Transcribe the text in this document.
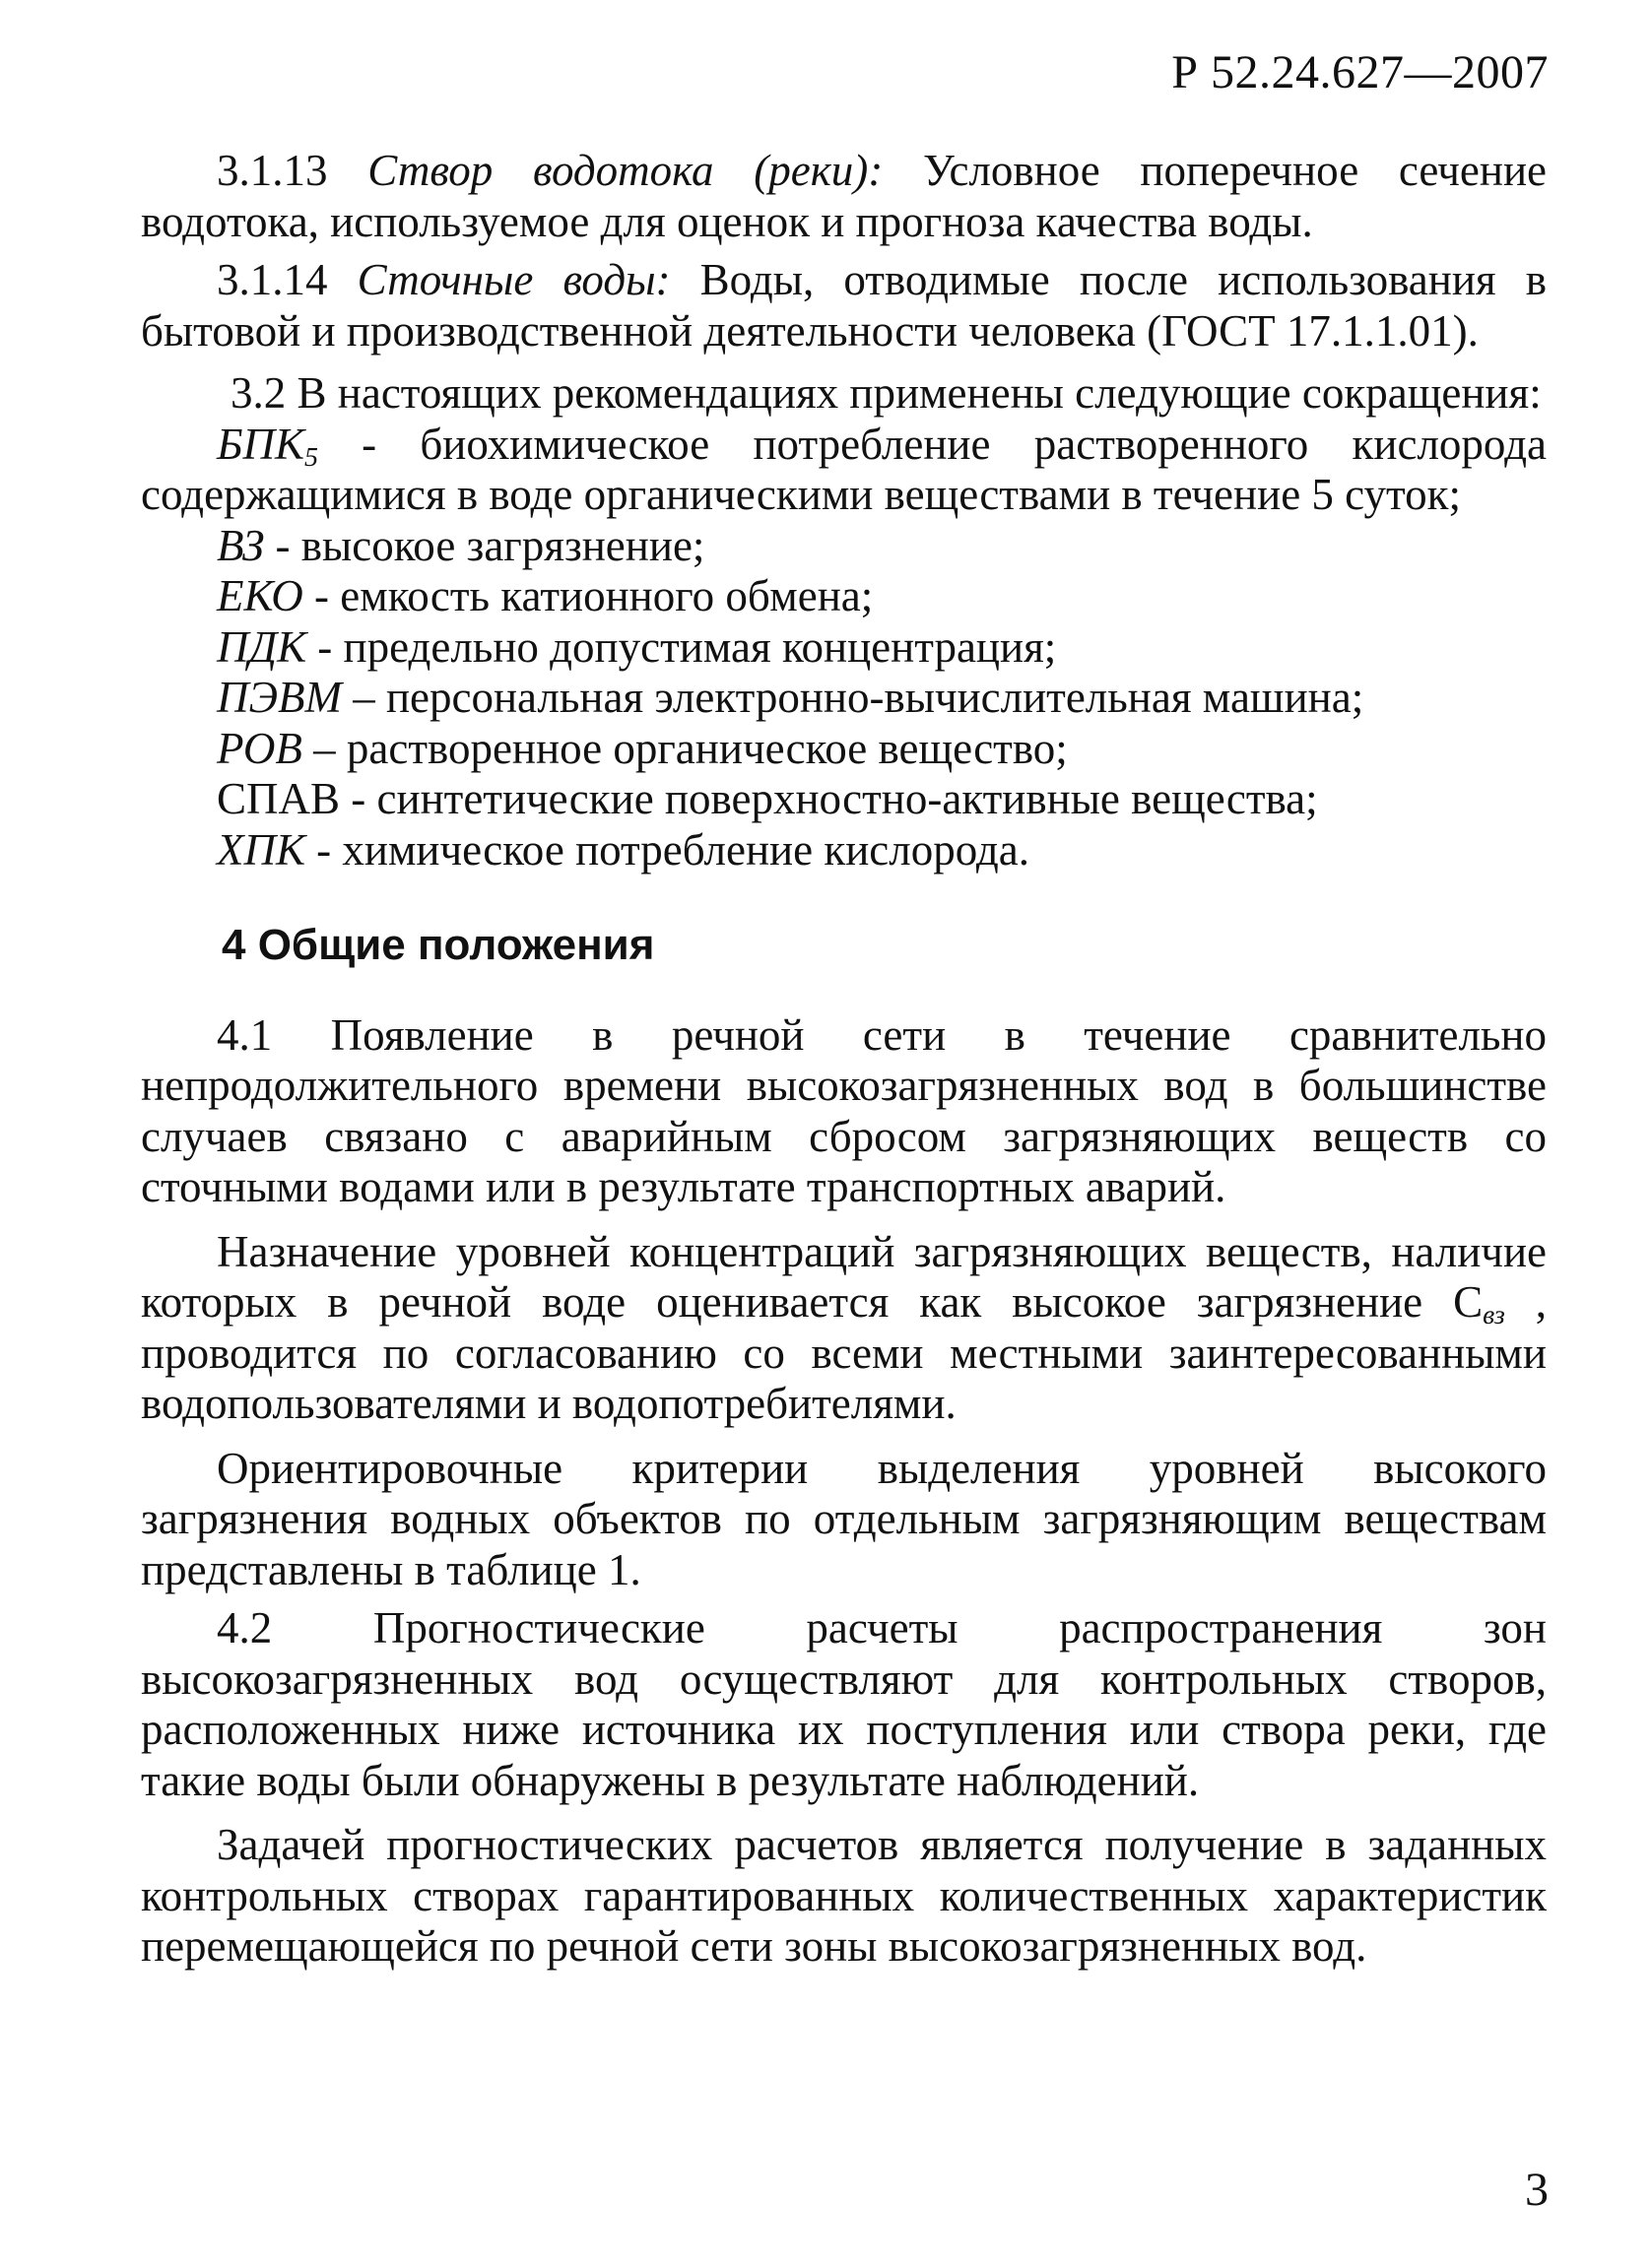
Р 52.24.627—2007

3.1.13 Створ водотока (реки): Условное поперечное сечение водотока, используемое для оценок и прогноза качества воды.

3.1.14 Сточные воды: Воды, отводимые после использования в бытовой и производственной деятельности человека (ГОСТ 17.1.1.01).

3.2 В настоящих рекомендациях применены следующие сокращения:

$БПК_5$ - биохимическое потребление растворенного кислорода содержащимися в воде органическими веществами в течение 5 суток;

ВЗ - высокое загрязнение;

ЕКО - емкость катионного обмена;

ПДК - предельно допустимая концентрация;

ПЭВМ – персональная электронно-вычислительная машина;

РОВ – растворенное органическое вещество;

СПАВ - синтетические поверхностно-активные вещества;

ХПК - химическое потребление кислорода.

4 Общие положения

4.1 Появление в речной сети в течение сравнительно непродолжительного времени высокозагрязненных вод в большинстве случаев связано с аварийным сбросом загрязняющих веществ со сточными водами или в результате транспортных аварий.

Назначение уровней концентраций загрязняющих веществ, наличие которых в речной воде оценивается как высокое загрязнение $C_{вз}$ , проводится по согласованию со всеми местными заинтересованными водопользователями и водопотребителями.

Ориентировочные критерии выделения уровней высокого загрязнения водных объектов по отдельным загрязняющим веществам представлены в таблице 1.

4.2 Прогностические расчеты распространения зон высокозагрязненных вод осуществляют для контрольных створов, расположенных ниже источника их поступления или створа реки, где такие воды были обнаружены в результате наблюдений.

Задачей прогностических расчетов является получение в заданных контрольных створах гарантированных количественных характеристик перемещающейся по речной сети зоны высокозагрязненных вод.

3
